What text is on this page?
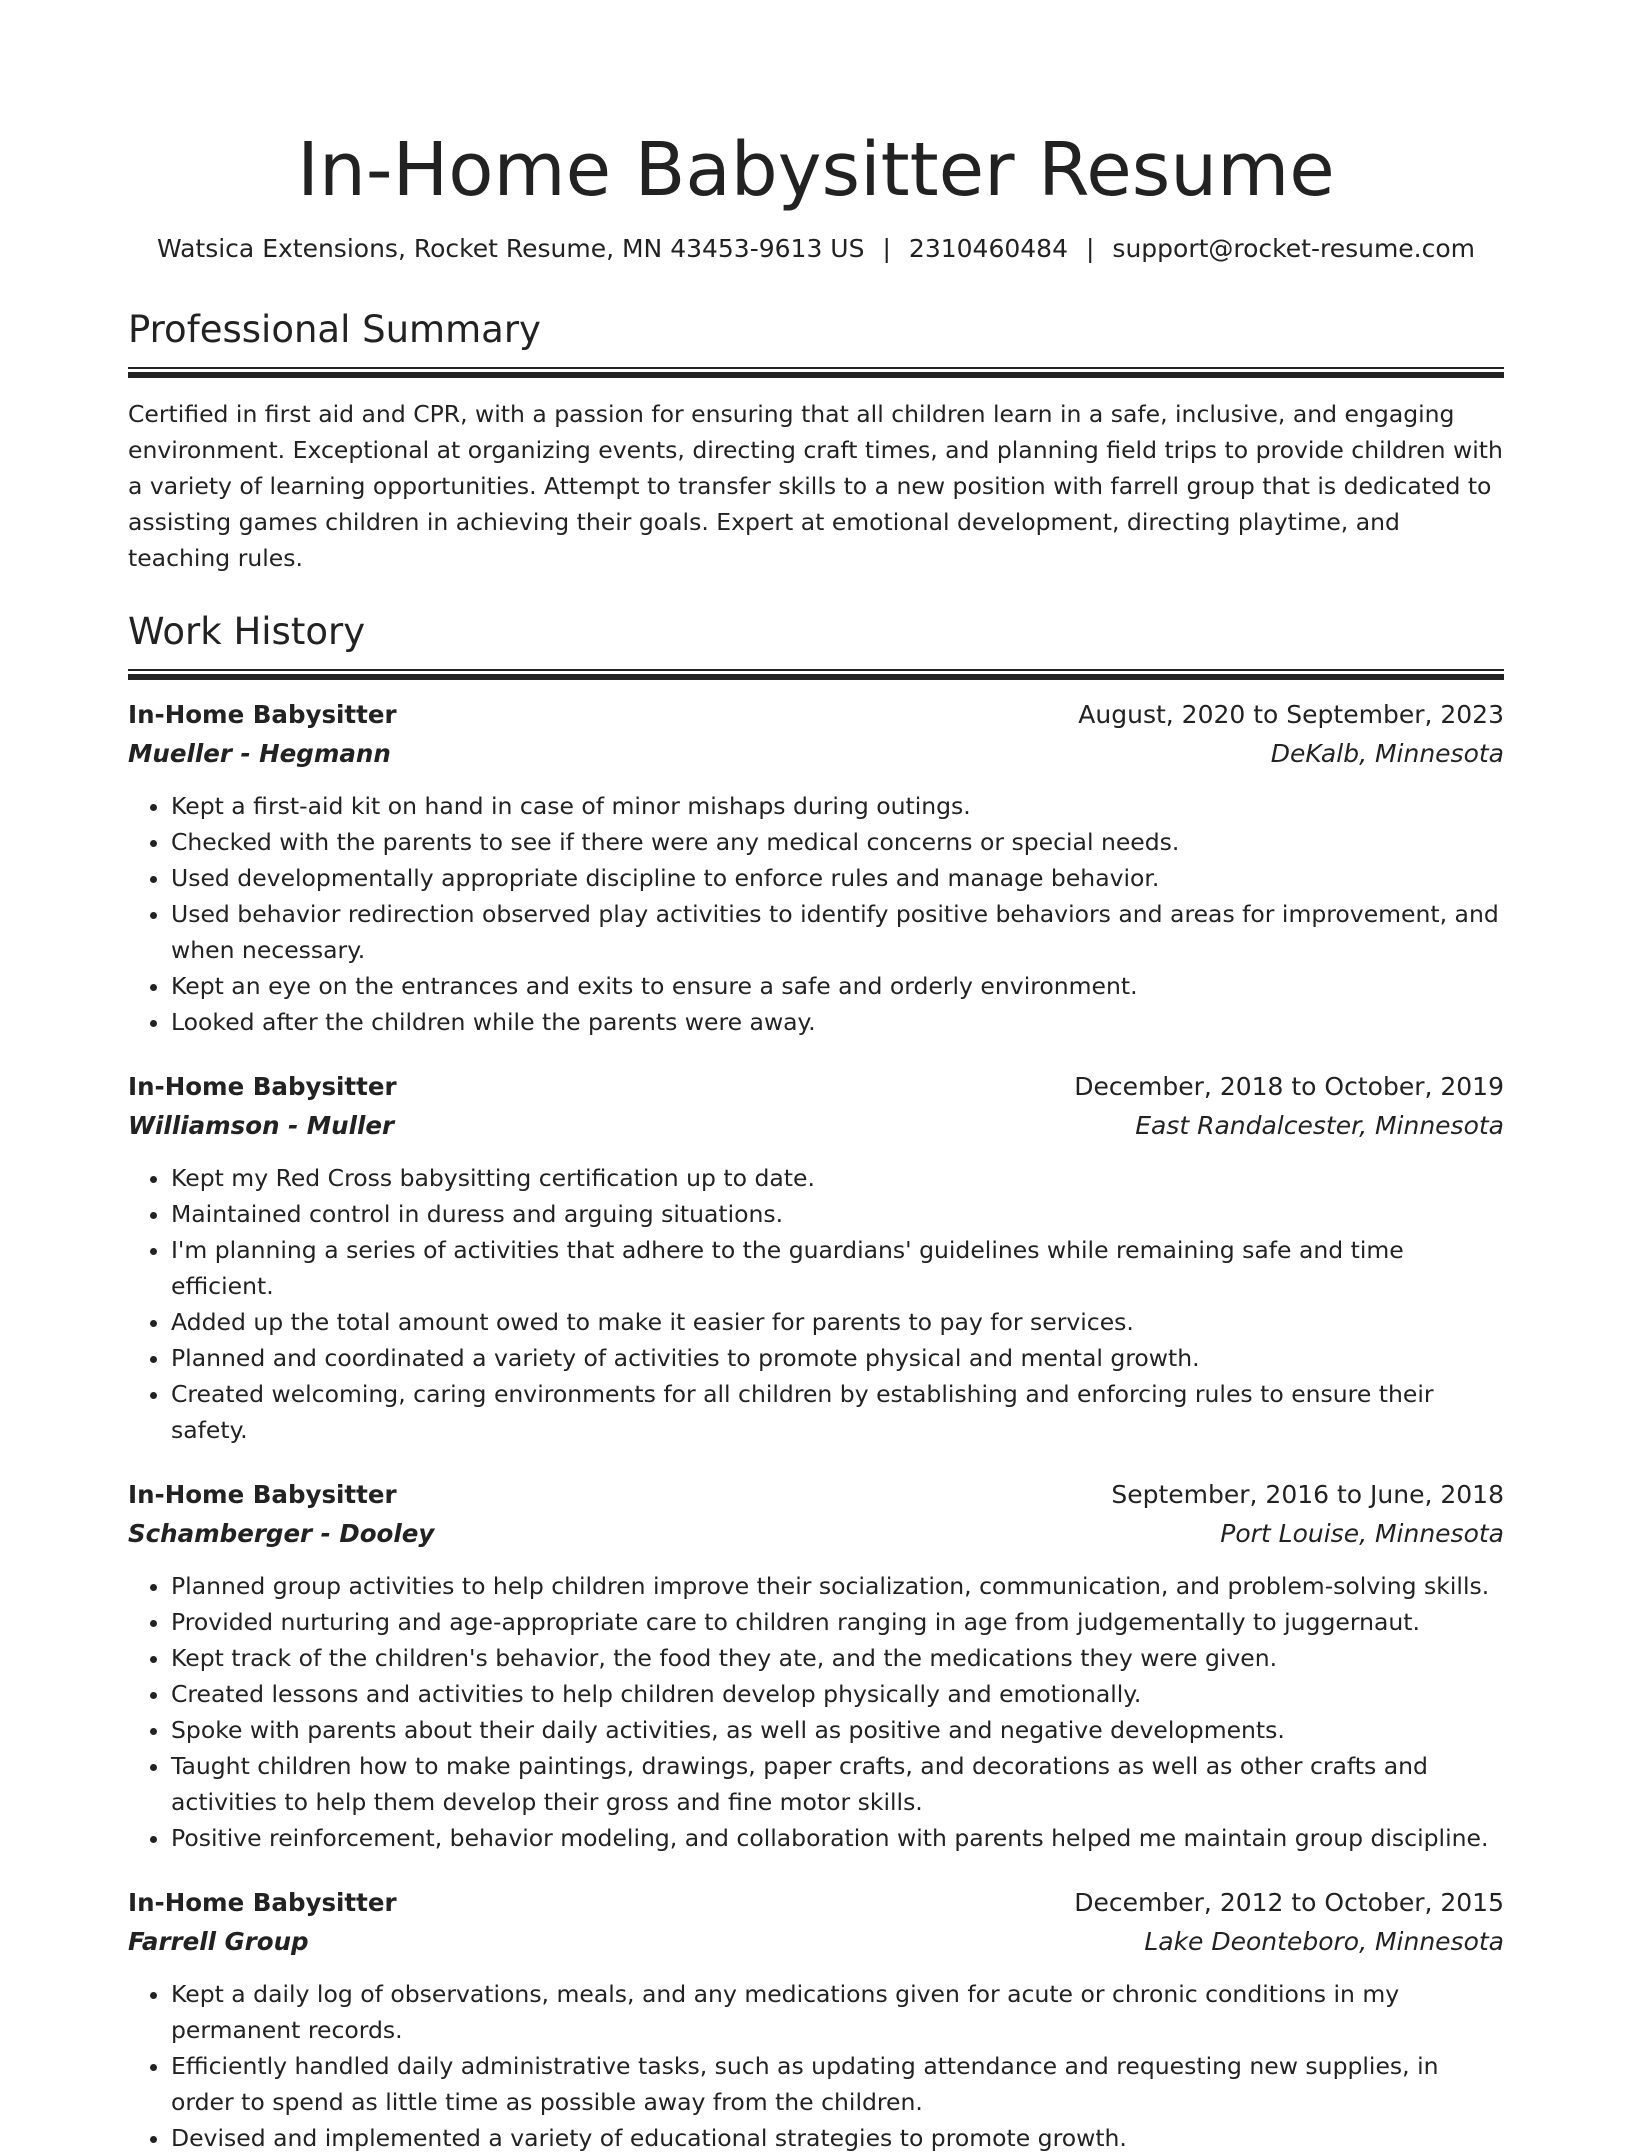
In-Home Babysitter Resume
Watsica Extensions, Rocket Resume, MN 43453-9613 US | 2310460484 | support@rocket-resume.com
Professional Summary
Certified in first aid and CPR, with a passion for ensuring that all children learn in a safe, inclusive, and engaging environment. Exceptional at organizing events, directing craft times, and planning field trips to provide children with a variety of learning opportunities. Attempt to transfer skills to a new position with farrell group that is dedicated to assisting games children in achieving their goals. Expert at emotional development, directing playtime, and teaching rules.
Work History
In-Home Babysitter	August, 2020 to September, 2023
Mueller - Hegmann	DeKalb, Minnesota
• Kept a first-aid kit on hand in case of minor mishaps during outings.
• Checked with the parents to see if there were any medical concerns or special needs.
• Used developmentally appropriate discipline to enforce rules and manage behavior.
• Used behavior redirection observed play activities to identify positive behaviors and areas for improvement, and when necessary.
• Kept an eye on the entrances and exits to ensure a safe and orderly environment.
• Looked after the children while the parents were away.
In-Home Babysitter	December, 2018 to October, 2019
Williamson - Muller	East Randalcester, Minnesota
• Kept my Red Cross babysitting certification up to date.
• Maintained control in duress and arguing situations.
• I'm planning a series of activities that adhere to the guardians' guidelines while remaining safe and time efficient.
• Added up the total amount owed to make it easier for parents to pay for services.
• Planned and coordinated a variety of activities to promote physical and mental growth.
• Created welcoming, caring environments for all children by establishing and enforcing rules to ensure their safety.
In-Home Babysitter	September, 2016 to June, 2018
Schamberger - Dooley	Port Louise, Minnesota
• Planned group activities to help children improve their socialization, communication, and problem-solving skills.
• Provided nurturing and age-appropriate care to children ranging in age from judgementally to juggernaut.
• Kept track of the children's behavior, the food they ate, and the medications they were given.
• Created lessons and activities to help children develop physically and emotionally.
• Spoke with parents about their daily activities, as well as positive and negative developments.
• Taught children how to make paintings, drawings, paper crafts, and decorations as well as other crafts and activities to help them develop their gross and fine motor skills.
• Positive reinforcement, behavior modeling, and collaboration with parents helped me maintain group discipline.
In-Home Babysitter	December, 2012 to October, 2015
Farrell Group	Lake Deonteboro, Minnesota
• Kept a daily log of observations, meals, and any medications given for acute or chronic conditions in my permanent records.
• Efficiently handled daily administrative tasks, such as updating attendance and requesting new supplies, in order to spend as little time as possible away from the children.
• Devised and implemented a variety of educational strategies to promote growth.
